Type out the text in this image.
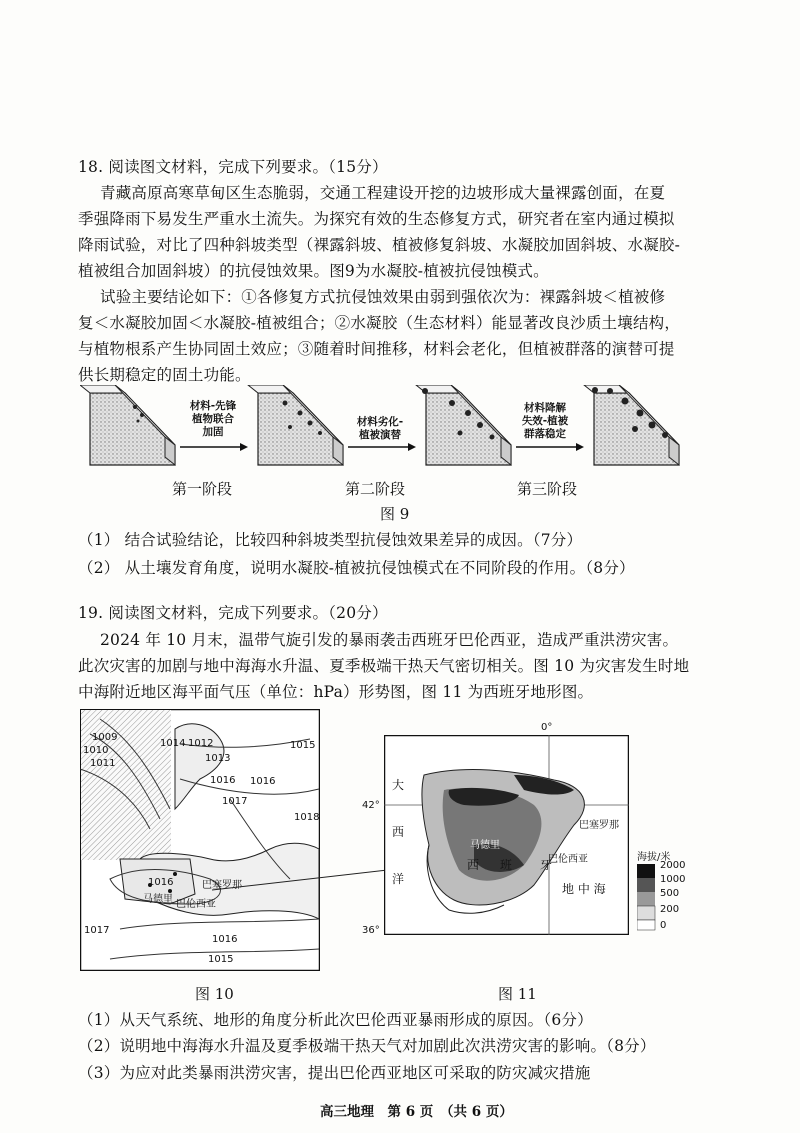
18. 阅读图文材料，完成下列要求。（15分）
青藏高原高寒草甸区生态脆弱，交通工程建设开挖的边坡形成大量裸露创面，在夏
季强降雨下易发生严重水土流失。为探究有效的生态修复方式，研究者在室内通过模拟
降雨试验，对比了四种斜坡类型（裸露斜坡、植被修复斜坡、水凝胶加固斜坡、水凝胶-
植被组合加固斜坡）的抗侵蚀效果。图9为水凝胶-植被抗侵蚀模式。
试验主要结论如下：①各修复方式抗侵蚀效果由弱到强依次为：裸露斜坡＜植被修
复＜水凝胶加固＜水凝胶-植被组合；②水凝胶（生态材料）能显著改良沙质土壤结构，
与植物根系产生协同固土效应；③随着时间推移，材料会老化，但植被群落的演替可提
供长期稳定的固土功能。
材料-先锋
植物联合
加固
材料劣化-
植被演替
材料降解
失效-植被
群落稳定
第一阶段	第二阶段	第三阶段
图 9
（1） 结合试验结论，比较四种斜坡类型抗侵蚀效果差异的成因。（7分）
（2） 从土壤发育角度，说明水凝胶-植被抗侵蚀模式在不同阶段的作用。（8分）
19. 阅读图文材料，完成下列要求。（20分）
2024 年 10 月末，温带气旋引发的暴雨袭击西班牙巴伦西亚，造成严重洪涝灾害。
此次灾害的加剧与地中海海水升温、夏季极端干热天气密切相关。图 10 为灾害发生时地
中海附近地区海平面气压（单位：hPa）形势图，图 11 为西班牙地形图。
1009
1010
1011
1012
1013
1014	1015
1016 1016
1017
1018
1016
1017
1016
1015
马德里
巴塞罗那
巴伦西亚
图 10
0°
42°
36°
大
西
洋
马德里
西 班 牙
巴塞罗那
巴伦西亚
地 中 海
海拔/米
2000
1000
500
200
0
图 11
（1）从天气系统、地形的角度分析此次巴伦西亚暴雨形成的原因。（6分）
（2）说明地中海海水升温及夏季极端干热天气对加剧此次洪涝灾害的影响。（8分）
（3）为应对此类暴雨洪涝灾害，提出巴伦西亚地区可采取的防灾减灾措施
高三地理　第 6 页　（共 6 页）
